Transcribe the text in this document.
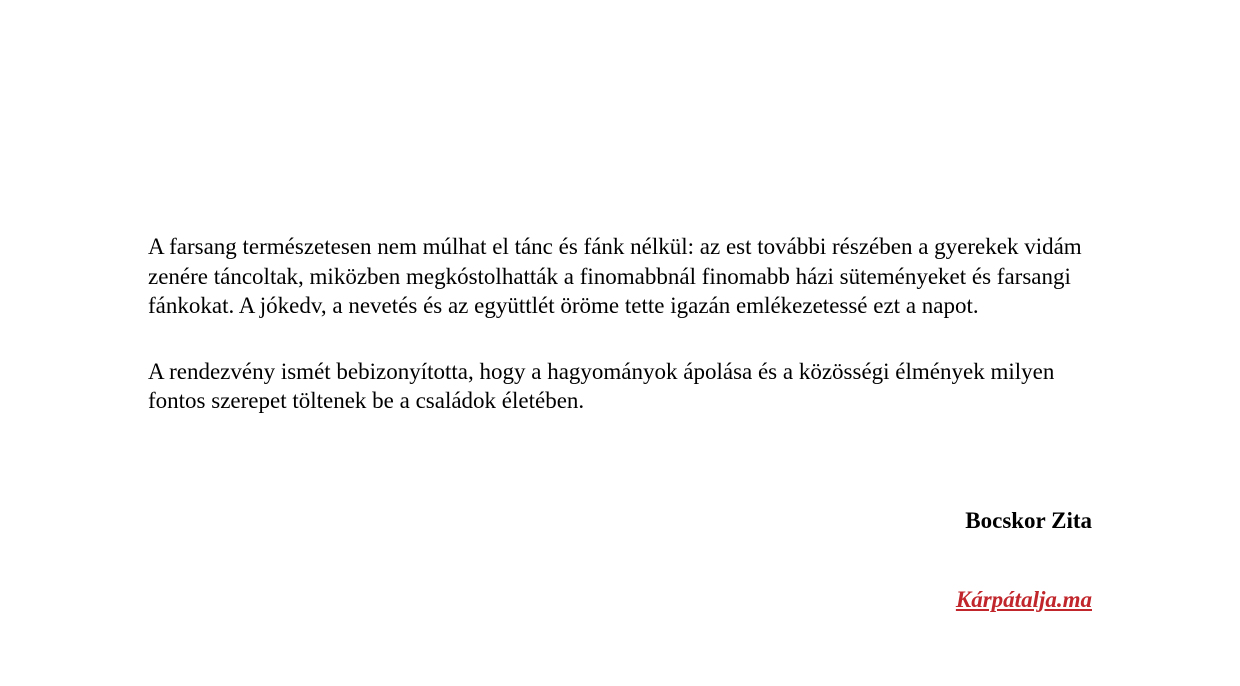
A farsang természetesen nem múlhat el tánc és fánk nélkül: az est további részében a gyerekek vidám zenére táncoltak, miközben megkóstolhatták a finomabbnál finomabb házi süteményeket és farsangi fánkokat. A jókedv, a nevetés és az együttlét öröme tette igazán emlékezetessé ezt a napot.

A rendezvény ismét bebizonyította, hogy a hagyományok ápolása és a közösségi élmények milyen fontos szerepet töltenek be a családok életében.

Bocskor Zita
Kárpátalja.ma
